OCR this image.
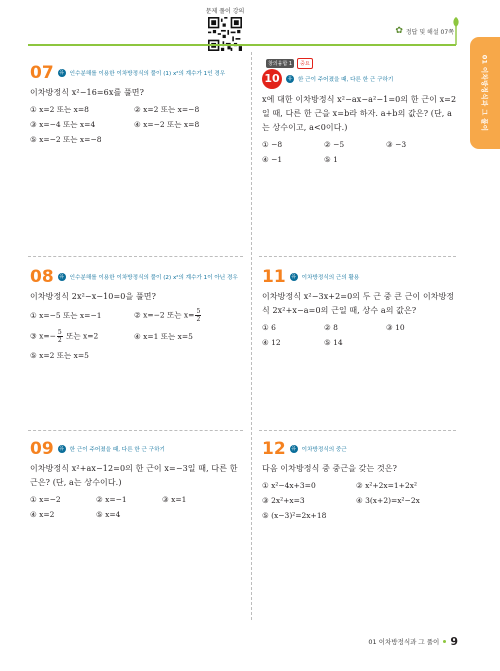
문제 풀이 강의
✿ 정답 및 해설 07쪽
01 이차방정식과 그 풀이
07	유 인수분해를 이용한 이차방정식의 풀이 (1) x²의 계수가 1인 경우
이차방정식 x²−16=6x를 풀면?
① x=2 또는 x=8	② x=2 또는 x=−8
③ x=−4 또는 x=4	④ x=−2 또는 x=8
⑤ x=−2 또는 x=−8
창의융합 1	중요
10	유 한 근이 주어졌을 때, 다른 한 근 구하기
x에 대한 이차방정식 x²−ax−a²−1=0의 한 근이 x=2일 때, 다른 한 근을 x=b라 하자. a+b의 값은? (단, a는 상수이고, a<0이다.)
① −8	② −5	③ −3
④ −1	⑤ 1
08	유 인수분해를 이용한 이차방정식의 풀이 (2) x²의 계수가 1이 아닌 경우
이차방정식 2x²−x−10=0을 풀면?
① x=−5 또는 x=−1	② x=−2 또는 $x= \frac{5}{2}$
③ $x=- \frac{5}{2}$ 또는 x=2	④ x=1 또는 x=5
⑤ x=2 또는 x=5
11	유 이차방정식의 근의 활용
이차방정식 x²−3x+2=0의 두 근 중 큰 근이 이차방정식 2x²+x−a=0의 근일 때, 상수 a의 값은?
① 6	② 8	③ 10
④ 12	⑤ 14
09	유 한 근이 주어졌을 때, 다른 한 근 구하기
이차방정식 x²+ax−12=0의 한 근이 x=−3일 때, 다른 한 근은? (단, a는 상수이다.)
① x=−2	② x=−1	③ x=1
④ x=2	⑤ x=4
12	유 이차방정식의 중근
다음 이차방정식 중 중근을 갖는 것은?
① x²−4x+3=0	② x²+2x=1+2x²
③ 2x²+x=3	④ 3(x+2)=x²−2x
⑤ (x−3)²=2x+18
01 이차방정식과 그 풀이 9
